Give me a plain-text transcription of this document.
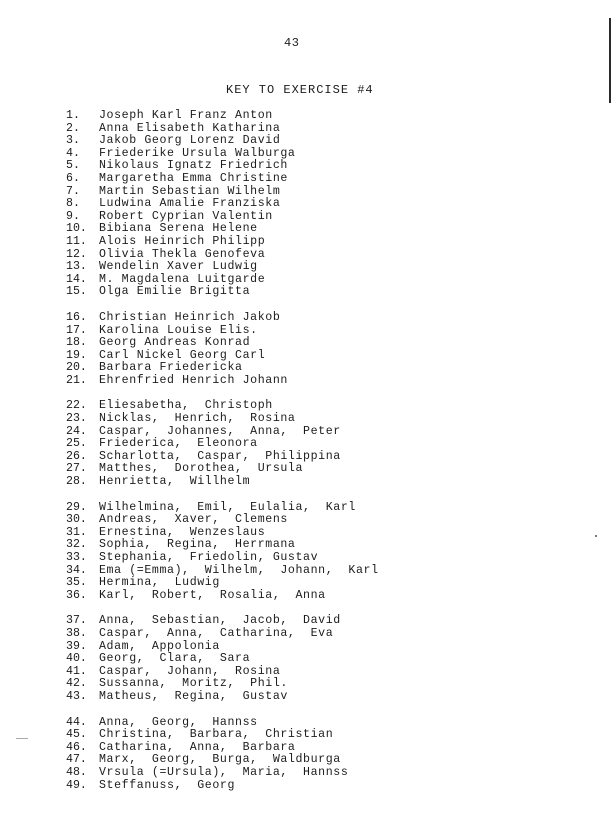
43
KEY TO EXERCISE #4
1.	Joseph Karl Franz Anton
2.	Anna Elisabeth Katharina
3.	Jakob Georg Lorenz David
4.	Friederike Ursula Walburga
5.	Nikolaus Ignatz Friedrich
6.	Margaretha Emma Christine
7.	Martin Sebastian Wilhelm
8.	Ludwina Amalie Franziska
9.	Robert Cyprian Valentin
10.	Bibiana Serena Helene
11.	Alois Heinrich Philipp
12.	Olivia Thekla Genofeva
13.	Wendelin Xaver Ludwig
14.	M. Magdalena Luitgarde
15.	Olga Emilie Brigitta
16.	Christian Heinrich Jakob
17.	Karolina Louise Elis.
18.	Georg Andreas Konrad
19.	Carl Nickel Georg Carl
20.	Barbara Friedericka
21.	Ehrenfried Henrich Johann
22.	Eliesabetha,  Christoph
23.	Nicklas,  Henrich,  Rosina
24.	Caspar,  Johannes,  Anna,  Peter
25.	Friederica,  Eleonora
26.	Scharlotta,  Caspar,  Philippina
27.	Matthes,  Dorothea,  Ursula
28.	Henrietta,  Willhelm
29.	Wilhelmina,  Emil,  Eulalia,  Karl
30.	Andreas,  Xaver,  Clemens
31.	Ernestina,  Wenzeslaus
32.	Sophia,  Regina,  Herrmana
33.	Stephania,  Friedolin, Gustav
34.	Ema (=Emma),  Wilhelm,  Johann,  Karl
35.	Hermina,  Ludwig
36.	Karl,  Robert,  Rosalia,  Anna
37.	Anna,  Sebastian,  Jacob,  David
38.	Caspar,  Anna,  Catharina,  Eva
39.	Adam,  Appolonia
40.	Georg,  Clara,  Sara
41.	Caspar,  Johann,  Rosina
42.	Sussanna,  Moritz,  Phil.
43.	Matheus,  Regina,  Gustav
44.	Anna,  Georg,  Hannss
45.	Christina,  Barbara,  Christian
46.	Catharina,  Anna,  Barbara
47.	Marx,  Georg,  Burga,  Waldburga
48.	Vrsula (=Ursula),  Maria,  Hannss
49.	Steffanuss,  Georg
